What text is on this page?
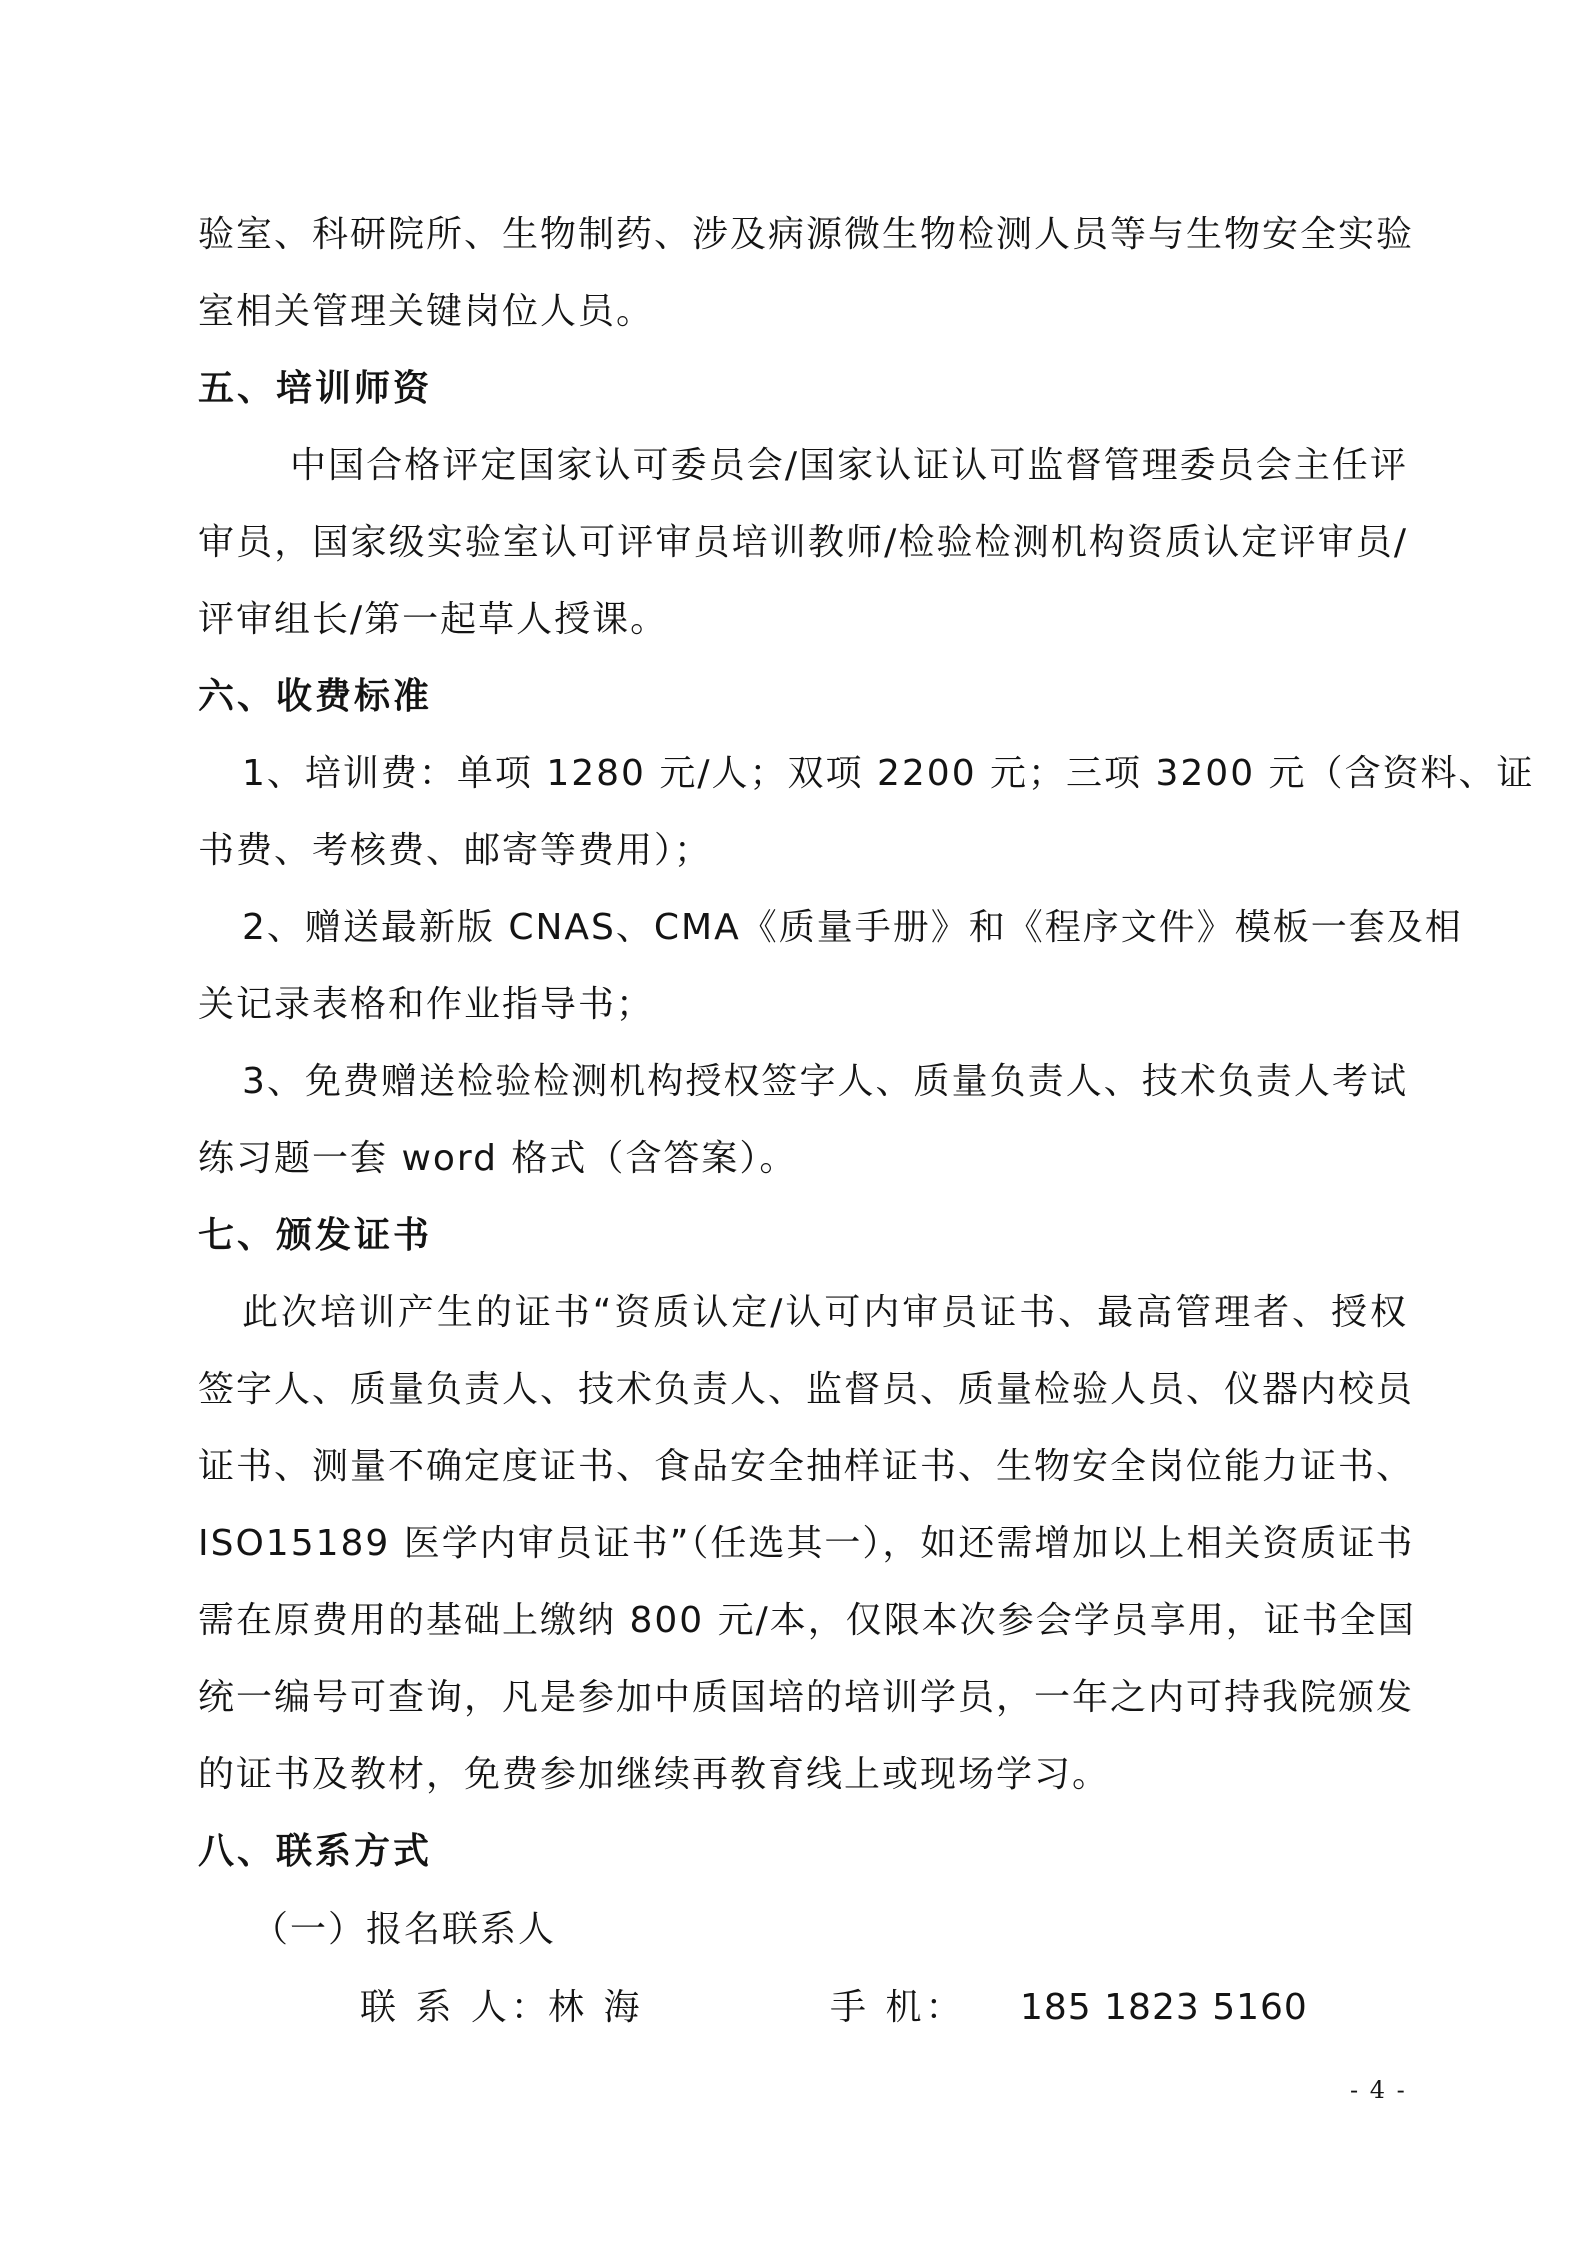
验室、科研院所、生物制药、涉及病源微生物检测人员等与生物安全实验
室相关管理关键岗位人员。
五、培训师资
中国合格评定国家认可委员会/国家认证认可监督管理委员会主任评
审员，国家级实验室认可评审员培训教师/检验检测机构资质认定评审员/
评审组长/第一起草人授课。
六、收费标准
1、培训费：单项 1280 元/人；双项 2200 元；三项 3200 元（含资料、证
书费、考核费、邮寄等费用）；
2、赠送最新版 CNAS、CMA《质量手册》和《程序文件》模板一套及相
关记录表格和作业指导书；
3、免费赠送检验检测机构授权签字人、质量负责人、技术负责人考试
练习题一套 word 格式（含答案）。
七、颁发证书
此次培训产生的证书“资质认定/认可内审员证书、最高管理者、授权
签字人、质量负责人、技术负责人、监督员、质量检验人员、仪器内校员
证书、测量不确定度证书、食品安全抽样证书、生物安全岗位能力证书、
ISO15189 医学内审员证书”（任选其一），如还需增加以上相关资质证书
需在原费用的基础上缴纳 800 元/本，仅限本次参会学员享用，证书全国
统一编号可查询，凡是参加中质国培的培训学员，一年之内可持我院颁发
的证书及教材，免费参加继续再教育线上或现场学习。
八、联系方式
（一）报名联系人
联 系 人：
林 海	手 机： 185 1823 5160
- 4 -
